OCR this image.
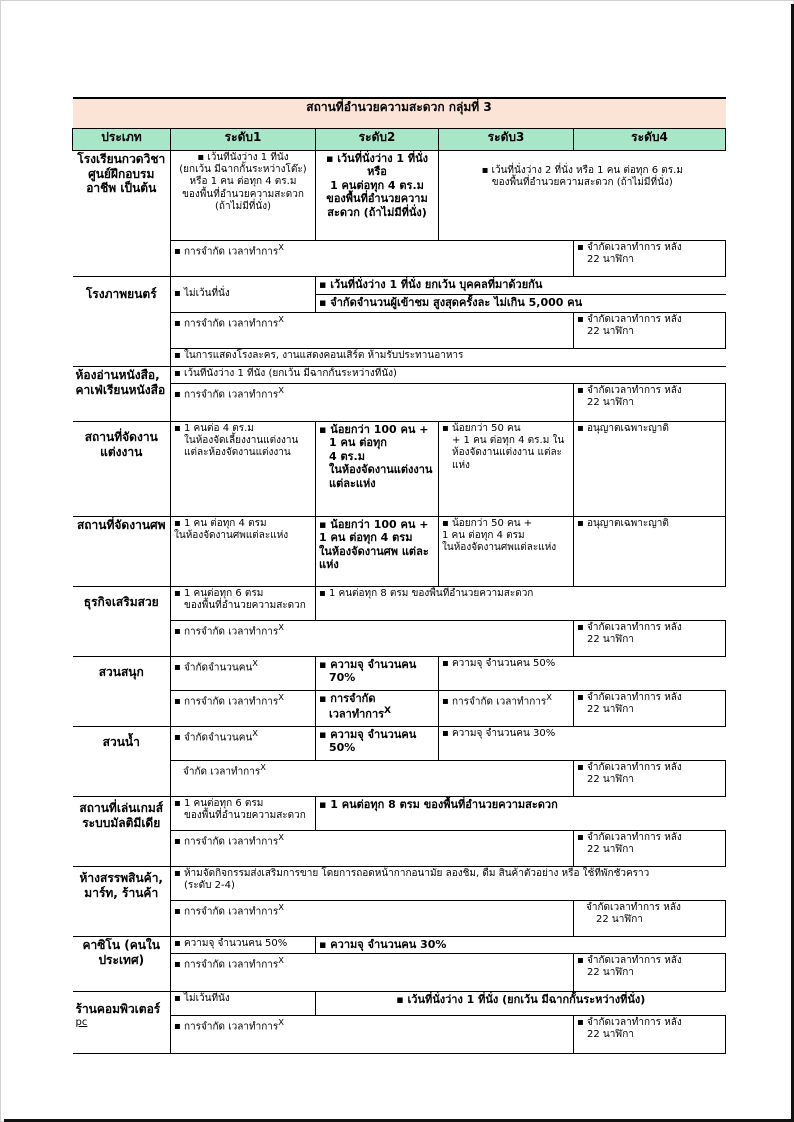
สถานที่อำนวยความสะดวก กลุ่มที่ 3				
ประเภท	ระดับ1	ระดับ2	ระดับ3	ระดับ4
โรงเรียนกวดวิชา ศูนย์ฝึกอบรมอาชีพ เป็นต้น	▪ เว้นที่นั่งว่าง 1 ที่นั่ง
(ยกเว้น มีฉากกั้นระหว่างโต๊ะ)
หรือ 1 คน ต่อทุก 4 ตร.ม
ของพื้นที่อำนวยความสะดวก (ถ้าไม่มีที่นั่ง)	▪ เว้นที่นั่งว่าง 1 ที่นั่งหรือ
1 คนต่อทุก 4 ตร.ม
ของพื้นที่อำนวยความสะดวก (ถ้าไม่มีที่นั่ง)	▪ เว้นที่นั่งว่าง 2 ที่นั่ง หรือ 1 คน ต่อทุก 6 ตร.ม
ของพื้นที่อำนวยความสะดวก (ถ้าไม่มีที่นั่ง)
	▪ การจำกัด เวลาทำการ$^X$			▪ จำกัดเวลาทำการ หลัง
22 นาฬิกา

โรงภาพยนตร์	▪ ไม่เว้นที่นั่ง	▪ เว้นที่นั่งว่าง 1 ที่นั่ง ยกเว้น บุคคลที่มาด้วยกัน
		▪ จำกัดจำนวนผู้เข้าชม สูงสุดครั้งละ ไม่เกิน 5,000 คน
	▪ การจำกัด เวลาทำการ$^X$			▪ จำกัดเวลาทำการ หลัง
22 นาฬิกา

	▪ ในการแสดงโรงละคร, งานแสดงคอนเสิร์ต ห้ามรับประทานอาหาร
ห้องอ่านหนังสือ, คาเฟ่เรียนหนังสือ	▪ เว้นที่นั่งว่าง 1 ที่นั่ง (ยกเว้น มีฉากกั้นระหว่างที่นั่ง)
	▪ การจำกัด เวลาทำการ$^X$			▪ จำกัดเวลาทำการ หลัง
22 นาฬิกา

สถานที่จัดงานแต่งงาน	▪ 1 คนต่อ 4 ตร.ม
ในห้องจัดเลี้ยงงานแต่งงาน
แต่ละห้องจัดงานแต่งงาน	▪ น้อยกว่า 100 คน +
1 คน ต่อทุก
4 ตร.ม
ในห้องจัดงานแต่งงาน แต่ละแห่ง	▪ น้อยกว่า 50 คน
+ 1 คน ต่อทุก 4 ตร.ม ใน
ห้องจัดงานแต่งงาน แต่ละแห่ง	▪ อนุญาตเฉพาะญาติ
สถานที่จัดงานศพ	▪ 1 คน ต่อทุก 4 ตรม
ในห้องจัดงานศพแต่ละแห่ง	▪ น้อยกว่า 100 คน +
1 คน ต่อทุก 4 ตรม
ในห้องจัดงานศพ แต่ละแห่ง	▪ น้อยกว่า 50 คน +
1 คน ต่อทุก 4 ตรม
ในห้องจัดงานศพแต่ละแห่ง	▪ อนุญาตเฉพาะญาติ
ธุรกิจเสริมสวย	▪ 1 คนต่อทุก 6 ตรม
ของพื้นที่อำนวยความสะดวก	▪ 1 คนต่อทุก 8 ตรม ของพื้นที่อำนวยความสะดวก
	▪ การจำกัด เวลาทำการ$^X$			▪ จำกัดเวลาทำการ หลัง
22 นาฬิกา

สวนสนุก	▪ จำกัดจำนวนคน$^X$	▪ ความจุ จำนวนคน
70%	▪ ความจุ จำนวนคน 50%
	▪ การจำกัด เวลาทำการ$^X$	▪ การจำกัด
เวลาทำการ$^X$	▪ การจำกัด เวลาทำการ$^X$	▪ จำกัดเวลาทำการ หลัง
22 นาฬิกา

สวนน้ำ	▪ จำกัดจำนวนคน$^X$	▪ ความจุ จำนวนคน
50%	▪ ความจุ จำนวนคน 30%
	จำกัด เวลาทำการ$^X$			▪ จำกัดเวลาทำการ หลัง
22 นาฬิกา

สถานที่เล่นเกมส์ระบบมัลติมีเดีย	▪ 1 คนต่อทุก 6 ตรม
ของพื้นที่อำนวยความสะดวก	▪ 1 คนต่อทุก 8 ตรม ของพื้นที่อำนวยความสะดวก
	▪ การจำกัด เวลาทำการ$^X$			▪ จำกัดเวลาทำการ หลัง
22 นาฬิกา

ห้างสรรพสินค้า, มาร์ท, ร้านค้า	▪ ห้ามจัดกิจกรรมส่งเสริมการขาย โดยการถอดหน้ากากอนามัย ลองชิม, ดื่ม สินค้าตัวอย่าง หรือ ใช้ที่พักชั่วคราว
(ระดับ 2-4)

	▪ การจำกัด เวลาทำการ$^X$			จำกัดเวลาทำการ หลัง
22 นาฬิกา

คาซิโน (คนในประเทศ)	▪ ความจุ จำนวนคน 50%	▪ ความจุ จำนวนคน 30%
	▪ การจำกัด เวลาทำการ$^X$			▪ จำกัดเวลาทำการ หลัง
22 นาฬิกา

ร้านคอมพิวเตอร์
pc	▪ ไม่เว้นที่นั่ง	▪ เว้นที่นั่งว่าง 1 ที่นั่ง (ยกเว้น มีฉากกั้นระหว่างที่นั่ง)
	▪ การจำกัด เวลาทำการ$^X$			▪ จำกัดเวลาทำการ หลัง
22 นาฬิกา
